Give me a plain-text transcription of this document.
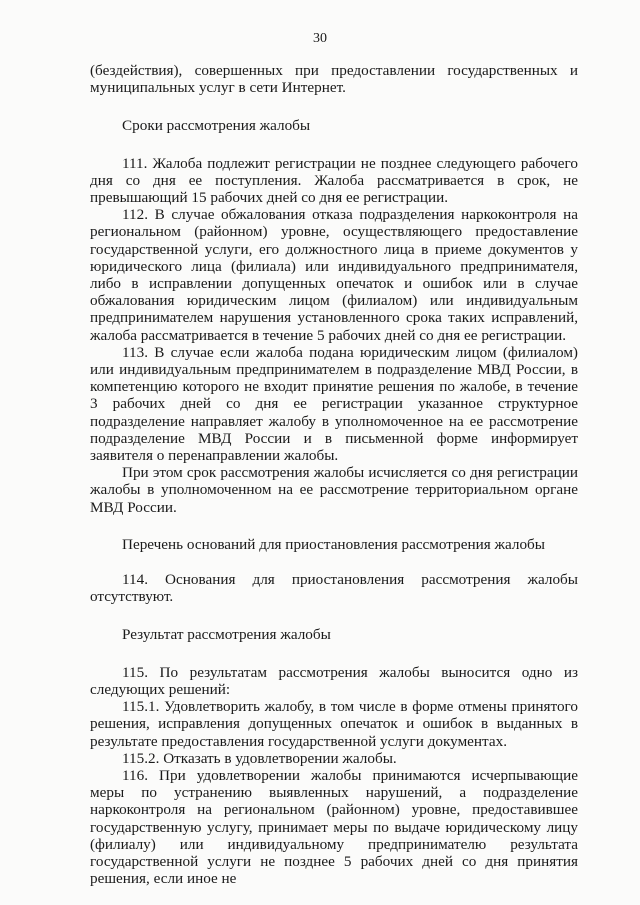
30

(бездействия), совершенных при предоставлении государственных и муниципальных услуг в сети Интернет.

Сроки рассмотрения жалобы

111. Жалоба подлежит регистрации не позднее следующего рабочего дня со дня ее поступления. Жалоба рассматривается в срок, не превышающий 15 рабочих дней со дня ее регистрации.

112. В случае обжалования отказа подразделения наркоконтроля на региональном (районном) уровне, осуществляющего предоставление государственной услуги, его должностного лица в приеме документов у юридического лица (филиала) или индивидуального предпринимателя, либо в исправлении допущенных опечаток и ошибок или в случае обжалования юридическим лицом (филиалом) или индивидуальным предпринимателем нарушения установленного срока таких исправлений, жалоба рассматривается в течение 5 рабочих дней со дня ее регистрации.

113. В случае если жалоба подана юридическим лицом (филиалом) или индивидуальным предпринимателем в подразделение МВД России, в компетенцию которого не входит принятие решения по жалобе, в течение 3 рабочих дней со дня ее регистрации указанное структурное подразделение направляет жалобу в уполномоченное на ее рассмотрение подразделение МВД России и в письменной форме информирует заявителя о перенаправлении жалобы.

При этом срок рассмотрения жалобы исчисляется со дня регистрации жалобы в уполномоченном на ее рассмотрение территориальном органе МВД России.

Перечень оснований для приостановления рассмотрения жалобы

114. Основания для приостановления рассмотрения жалобы отсутствуют.

Результат рассмотрения жалобы

115. По результатам рассмотрения жалобы выносится одно из следующих решений:

115.1. Удовлетворить жалобу, в том числе в форме отмены принятого решения, исправления допущенных опечаток и ошибок в выданных в результате предоставления государственной услуги документах.

115.2. Отказать в удовлетворении жалобы.

116. При удовлетворении жалобы принимаются исчерпывающие меры по устранению выявленных нарушений, а подразделение наркоконтроля на региональном (районном) уровне, предоставившее государственную услугу, принимает меры по выдаче юридическому лицу (филиалу) или индивидуальному предпринимателю результата государственной услуги не позднее 5 рабочих дней со дня принятия решения, если иное не
